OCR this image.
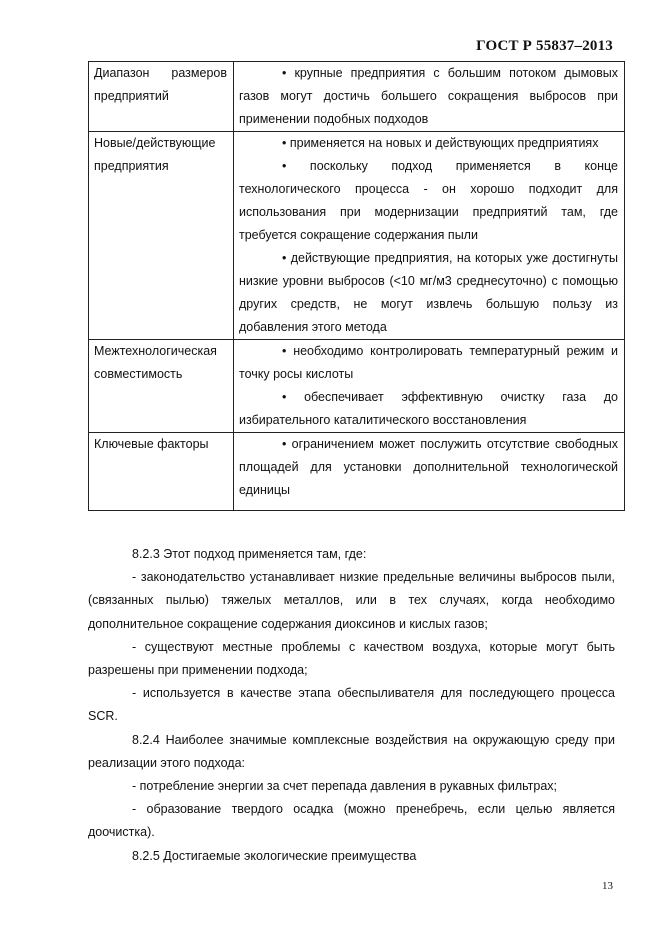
ГОСТ Р 55837–2013
Диапазон размеров предприятий	• крупные предприятия с большим потоком дымовых газов могут достичь большего сокращения выбросов при применении подобных подходов

Новые/действующие предприятия	• применяется на новых и действующих предприятиях

• поскольку подход применяется в конце технологического процесса - он хорошо подходит для использования при модернизации предприятий там, где требуется сокращение содержания пыли

• действующие предприятия, на которых уже достигнуты низкие уровни выбросов (<10 мг/м3 среднесуточно) с помощью других средств, не могут извлечь большую пользу из добавления этого метода

Межтехнологическая совместимость	• необходимо контролировать температурный режим и точку росы кислоты

• обеспечивает эффективную очистку газа до избирательного каталитического восстановления

Ключевые факторы	• ограничением может послужить отсутствие свободных площадей для установки дополнительной технологической единицы

8.2.3 Этот подход применяется там, где:

- законодательство устанавливает низкие предельные величины выбросов пыли, (связанных пылью) тяжелых металлов, или в тех случаях, когда необходимо дополнительное сокращение содержания диоксинов и кислых газов;

- существуют местные проблемы с качеством воздуха, которые могут быть разрешены при применении подхода;

- используется в качестве этапа обеспыливателя для последующего процесса SCR.

8.2.4 Наиболее значимые комплексные воздействия на окружающую среду при реализации этого подхода:

- потребление энергии за счет перепада давления в рукавных фильтрах;

- образование твердого осадка (можно пренебречь, если целью является доочистка).

8.2.5 Достигаемые экологические преимущества

13
